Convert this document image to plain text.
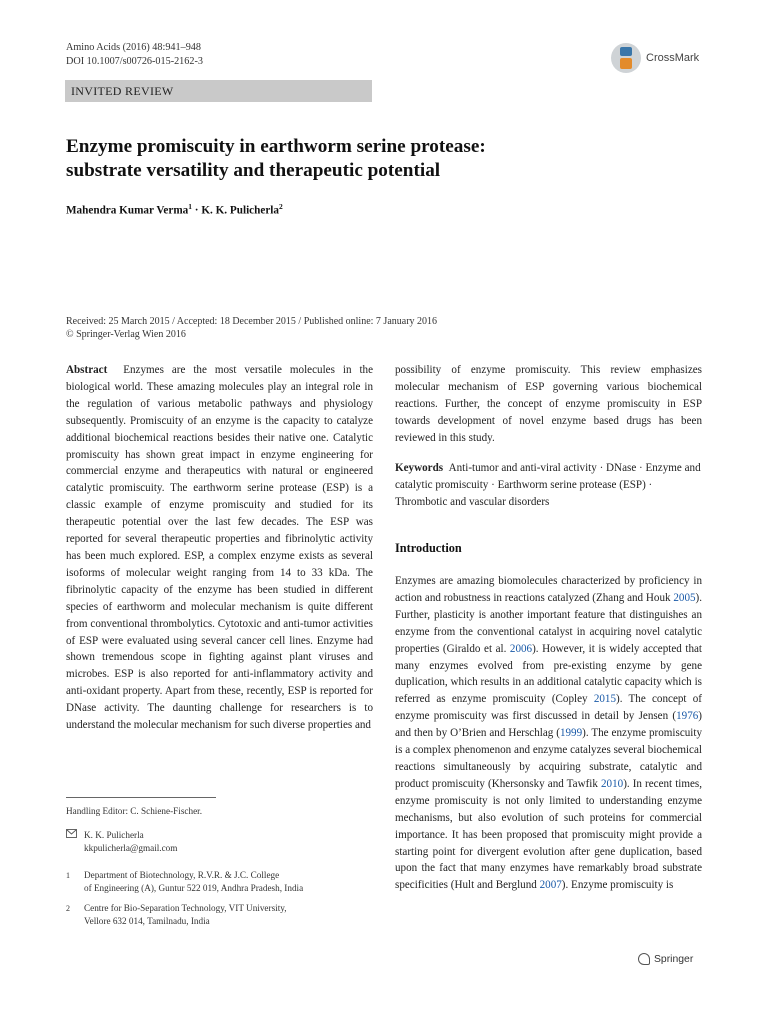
Amino Acids (2016) 48:941–948
DOI 10.1007/s00726-015-2162-3	CrossMark
INVITED REVIEW
Enzyme promiscuity in earthworm serine protease:
substrate versatility and therapeutic potential
Mahendra Kumar Verma$^1$ · K. K. Pulicherla$^2$
Received: 25 March 2015 / Accepted: 18 December 2015 / Published online: 7 January 2016
© Springer-Verlag Wien 2016

Abstract Enzymes are the most versatile molecules in the biological world. These amazing molecules play an integral role in the regulation of various metabolic pathways and physiology subsequently. Promiscuity of an enzyme is the capacity to catalyze additional biochemical reactions besides their native one. Catalytic promiscuity has shown great impact in enzyme engineering for commercial enzyme and therapeutics with natural or engineered catalytic promiscuity. The earthworm serine protease (ESP) is a classic example of enzyme promiscuity and studied for its therapeutic potential over the last few decades. The ESP was reported for several therapeutic properties and fibrinolytic activity has been much explored. ESP, a complex enzyme exists as several isoforms of molecular weight ranging from 14 to 33 kDa. The fibrinolytic capacity of the enzyme has been studied in different species of earthworm and molecular mechanism is quite different from conventional thrombolytics. Cytotoxic and anti-tumor activities of ESP were evaluated using several cancer cell lines. Enzyme had shown tremendous scope in fighting against plant viruses and microbes. ESP is also reported for anti-inflammatory activity and anti-oxidant property. Apart from these, recently, ESP is reported for DNase activity. The daunting challenge for researchers is to understand the molecular mechanism for such diverse properties and

possibility of enzyme promiscuity. This review emphasizes molecular mechanism of ESP governing various biochemical reactions. Further, the concept of enzyme promiscuity in ESP towards development of novel enzyme based drugs has been reviewed in this study.

Keywords Anti-tumor and anti-viral activity · DNase · Enzyme and catalytic promiscuity · Earthworm serine protease (ESP) · Thrombotic and vascular disorders

Introduction

Enzymes are amazing biomolecules characterized by proficiency in action and robustness in reactions catalyzed (Zhang and Houk 2005). Further, plasticity is another important feature that distinguishes an enzyme from the conventional catalyst in acquiring novel catalytic properties (Giraldo et al. 2006). However, it is widely accepted that many enzymes evolved from pre-existing enzyme by gene duplication, which results in an additional catalytic capacity which is referred as enzyme promiscuity (Copley 2015). The concept of enzyme promiscuity was first discussed in detail by Jensen (1976) and then by O’Brien and Herschlag (1999). The enzyme promiscuity is a complex phenomenon and enzyme catalyzes several biochemical reactions simultaneously by acquiring substrate, catalytic and product promiscuity (Khersonsky and Tawfik 2010). In recent times, enzyme promiscuity is not only limited to understanding enzyme mechanisms, but also evolution of such proteins for commercial importance. It has been proposed that promiscuity might provide a starting point for divergent evolution after gene duplication, based upon the fact that many enzymes have remarkably broad substrate specificities (Hult and Berglund 2007). Enzyme promiscuity is

Handling Editor: C. Schiene-Fischer.
K. K. Pulicherla
kkpulicherla@gmail.com
1	Department of Biotechnology, R.V.R. & J.C. College
of Engineering (A), Guntur 522 019, Andhra Pradesh, India
2	Centre for Bio-Separation Technology, VIT University,
Vellore 632 014, Tamilnadu, India
Springer
